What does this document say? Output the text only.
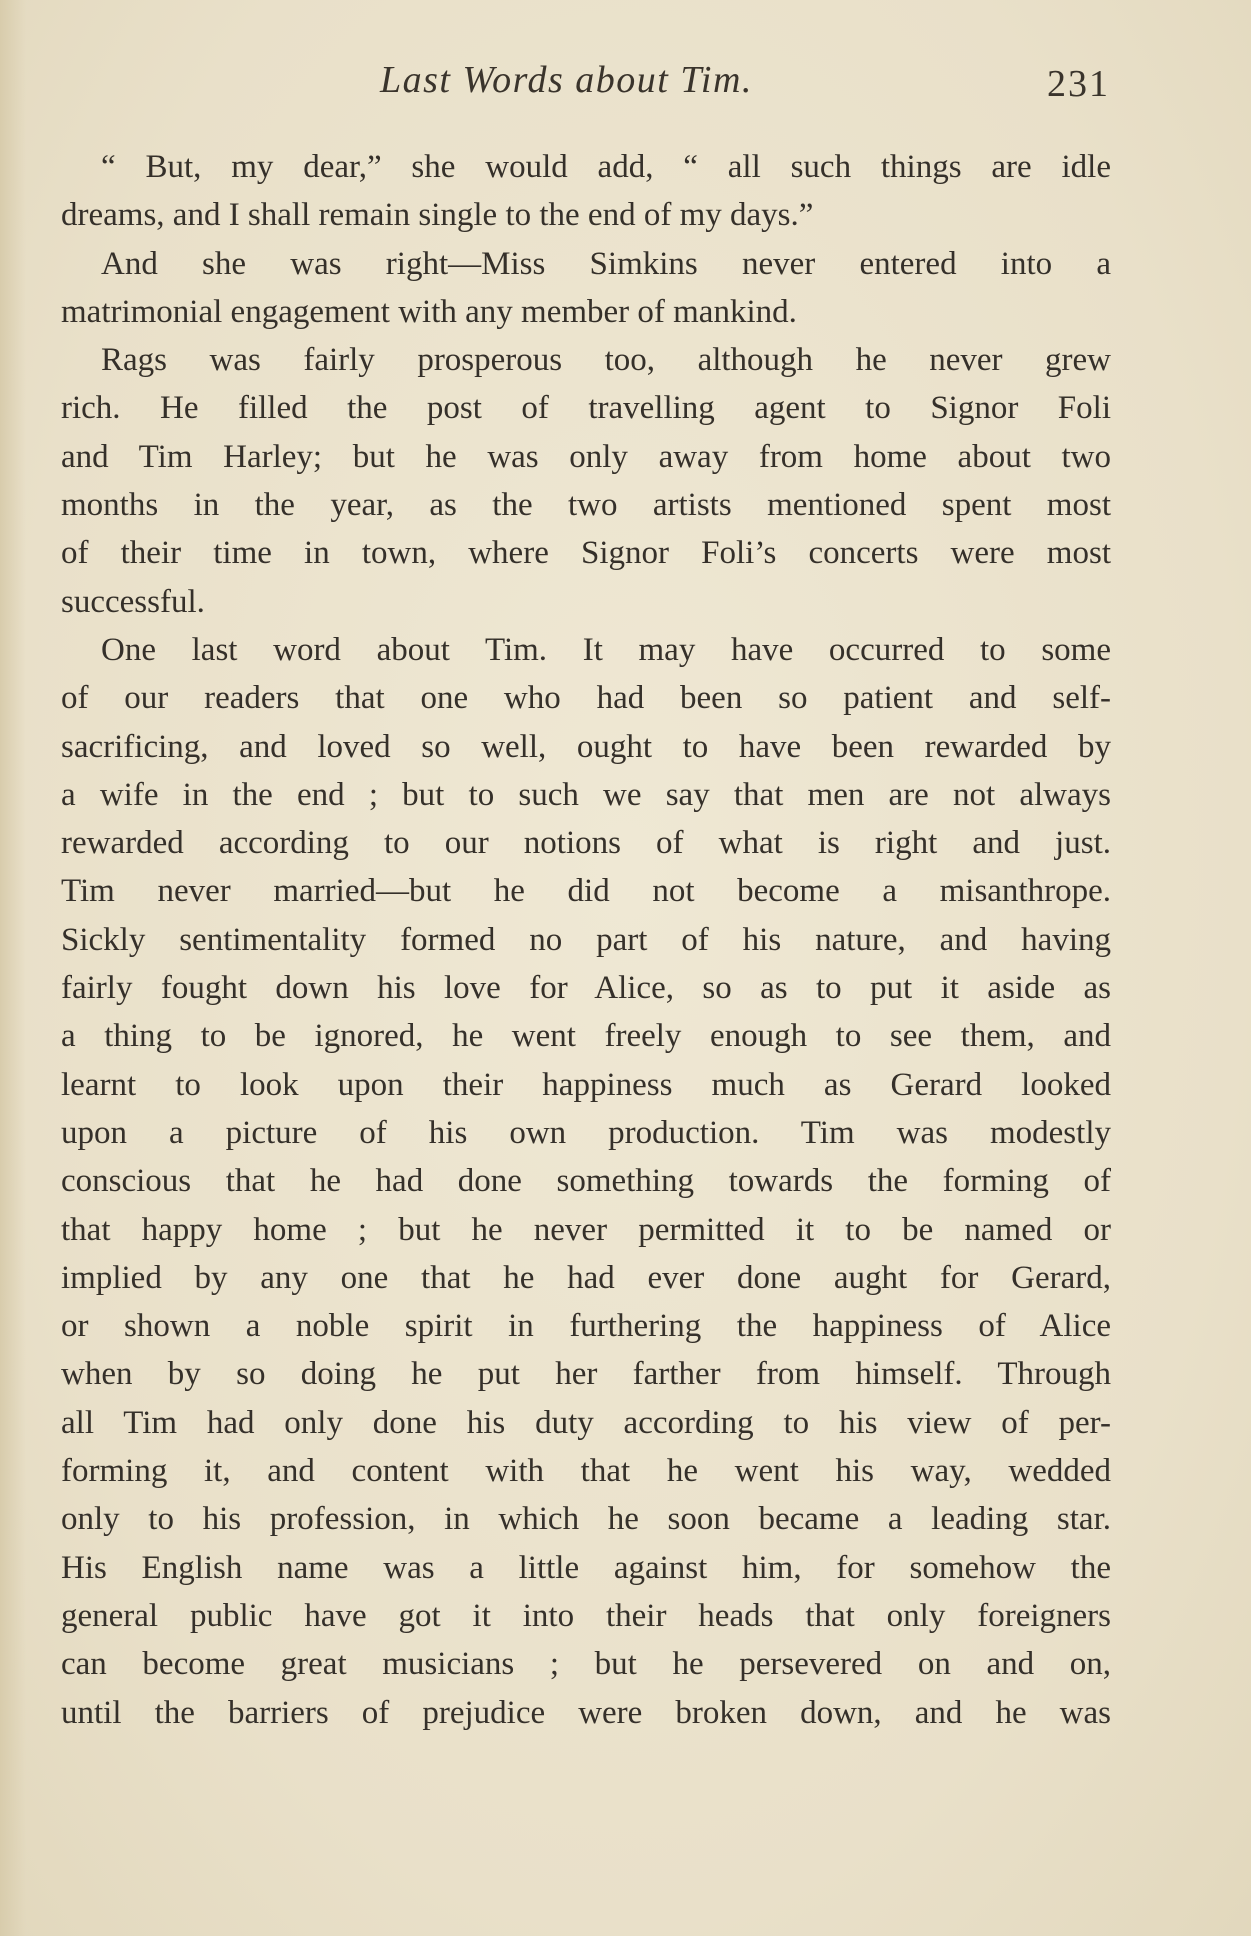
Last Words about Tim.	231
“ But, my dear,” she would add, “ all such things are idle
dreams, and I shall remain single to the end of my days.”
And she was right—Miss Simkins never entered into a
matrimonial engagement with any member of mankind.
Rags was fairly prosperous too, although he never grew
rich. He filled the post of travelling agent to Signor Foli
and Tim Harley; but he was only away from home about two
months in the year, as the two artists mentioned spent most
of their time in town, where Signor Foli’s concerts were most
successful.
One last word about Tim. It may have occurred to some
of our readers that one who had been so patient and self-
sacrificing, and loved so well, ought to have been rewarded by
a wife in the end ; but to such we say that men are not always
rewarded according to our notions of what is right and just.
Tim never married—but he did not become a misanthrope.
Sickly sentimentality formed no part of his nature, and having
fairly fought down his love for Alice, so as to put it aside as
a thing to be ignored, he went freely enough to see them, and
learnt to look upon their happiness much as Gerard looked
upon a picture of his own production. Tim was modestly
conscious that he had done something towards the forming of
that happy home ; but he never permitted it to be named or
implied by any one that he had ever done aught for Gerard,
or shown a noble spirit in furthering the happiness of Alice
when by so doing he put her farther from himself. Through
all Tim had only done his duty according to his view of per-
forming it, and content with that he went his way, wedded
only to his profession, in which he soon became a leading star.
His English name was a little against him, for somehow the
general public have got it into their heads that only foreigners
can become great musicians ; but he persevered on and on,
until the barriers of prejudice were broken down, and he was
